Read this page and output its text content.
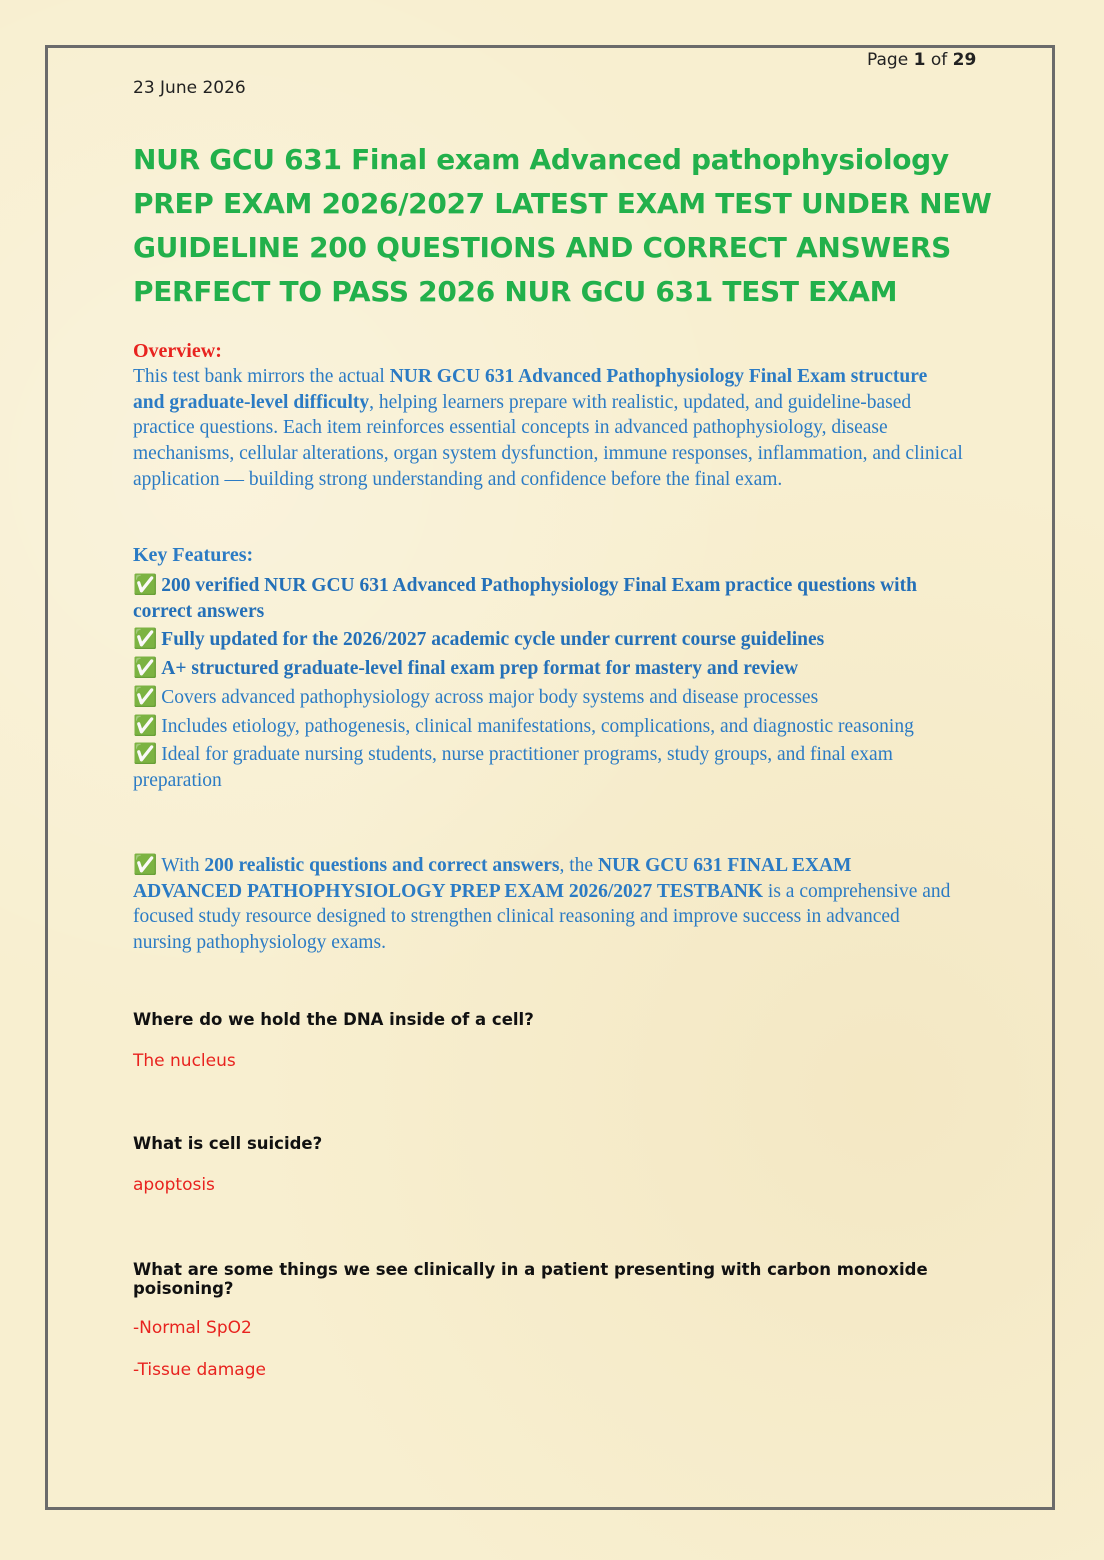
Page 1 of 29
23 June 2026
NUR GCU 631 Final exam Advanced pathophysiology PREP EXAM 2026/2027 LATEST EXAM TEST UNDER NEW GUIDELINE 200 QUESTIONS AND CORRECT ANSWERS PERFECT TO PASS 2026 NUR GCU 631 TEST EXAM
Overview:
This test bank mirrors the actual NUR GCU 631 Advanced Pathophysiology Final Exam structure and graduate-level difficulty, helping learners prepare with realistic, updated, and guideline-based practice questions. Each item reinforces essential concepts in advanced pathophysiology, disease mechanisms, cellular alterations, organ system dysfunction, immune responses, inflammation, and clinical application — building strong understanding and confidence before the final exam.
Key Features:
✅ 200 verified NUR GCU 631 Advanced Pathophysiology Final Exam practice questions with correct answers
✅ Fully updated for the 2026/2027 academic cycle under current course guidelines
✅ A+ structured graduate-level final exam prep format for mastery and review
✅ Covers advanced pathophysiology across major body systems and disease processes
✅ Includes etiology, pathogenesis, clinical manifestations, complications, and diagnostic reasoning
✅ Ideal for graduate nursing students, nurse practitioner programs, study groups, and final exam preparation
✅ With 200 realistic questions and correct answers, the NUR GCU 631 FINAL EXAM ADVANCED PATHOPHYSIOLOGY PREP EXAM 2026/2027 TESTBANK is a comprehensive and focused study resource designed to strengthen clinical reasoning and improve success in advanced nursing pathophysiology exams.
Where do we hold the DNA inside of a cell?
The nucleus
What is cell suicide?
apoptosis
What are some things we see clinically in a patient presenting with carbon monoxide poisoning?
-Normal SpO2
-Tissue damage
